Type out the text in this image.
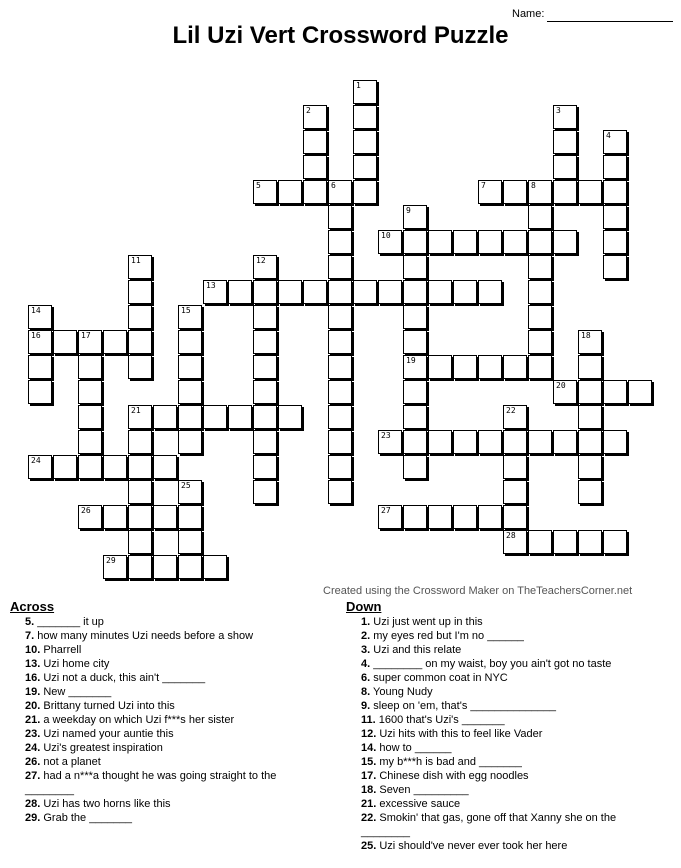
Name:
Lil Uzi Vert Crossword Puzzle
1
2	3
4
5	6	7	8
9
19
10
11	12
13
14
16
15
17	18
20
21	22
28
23
24
25
26	27
29
Created using the Crossword Maker on TheTeachersCorner.net
Across
5. _______ it up
7. how many minutes Uzi needs before a show
10. Pharrell
13. Uzi home city
16. Uzi not a duck, this ain't _______
19. New _______
20. Brittany turned Uzi into this
21. a weekday on which Uzi f***s her sister
23. Uzi named your auntie this
24. Uzi's greatest inspiration
26. not a planet
27. had a n***a thought he was going straight to the
________
28. Uzi has two horns like this
29. Grab the _______
Down
1. Uzi just went up in this
2. my eyes red but I'm no ______
3. Uzi and this relate
4. ________ on my waist, boy you ain't got no taste
6. super common coat in NYC
8. Young Nudy
9. sleep on 'em, that's ______________
11. 1600 that's Uzi's _______
12. Uzi hits with this to feel like Vader
14. how to ______
15. my b***h is bad and _______
17. Chinese dish with egg noodles
18. Seven _________
21. excessive sauce
22. Smokin' that gas, gone off that Xanny she on the
________
25. Uzi should've never ever took her here
